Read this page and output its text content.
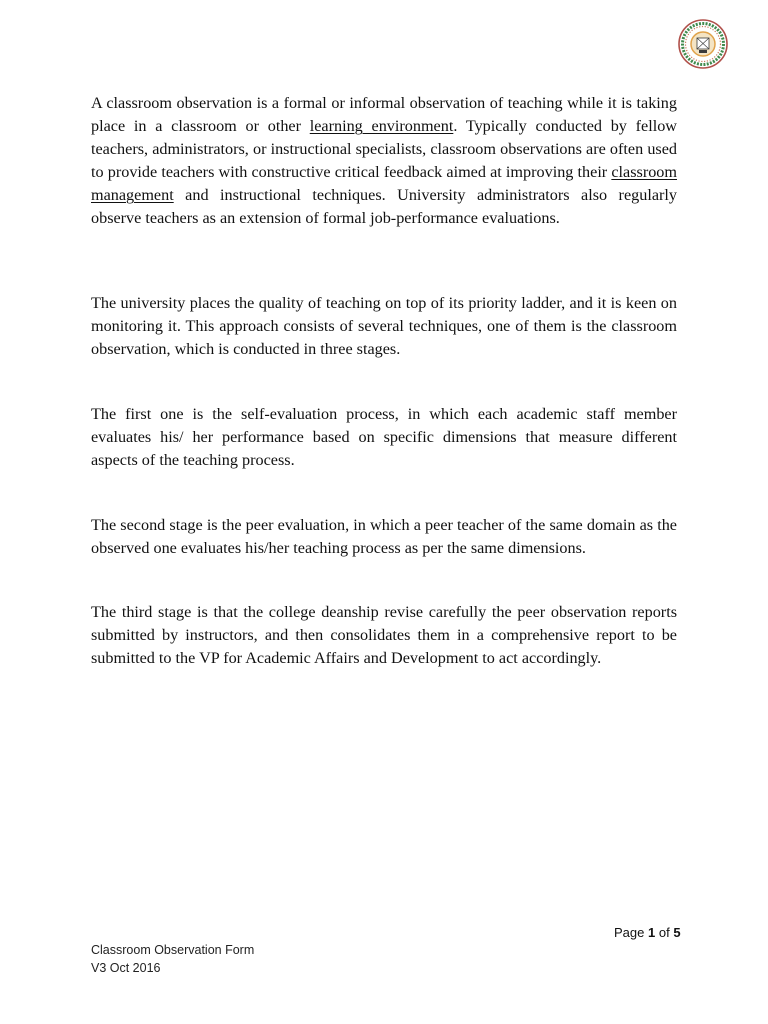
A classroom observation is a formal or informal observation of teaching while it is taking place in a classroom or other learning environment. Typically conducted by fellow teachers, administrators, or instructional specialists, classroom observations are often used to provide teachers with constructive critical feedback aimed at improving their classroom management and instructional techniques. University administrators also regularly observe teachers as an extension of formal job-performance evaluations.

The university places the quality of teaching on top of its priority ladder, and it is keen on monitoring it. This approach consists of several techniques, one of them is the classroom observation, which is conducted in three stages.

The first one is the self-evaluation process, in which each academic staff member evaluates his/ her performance based on specific dimensions that measure different aspects of the teaching process.

The second stage is the peer evaluation, in which a peer teacher of the same domain as the observed one evaluates his/her teaching process as per the same dimensions.

The third stage is that the college deanship revise carefully the peer observation reports submitted by instructors, and then consolidates them in a comprehensive report to be submitted to the VP for Academic Affairs and Development to act accordingly.

Page 1 of 5
Classroom Observation Form
V3 Oct 2016
